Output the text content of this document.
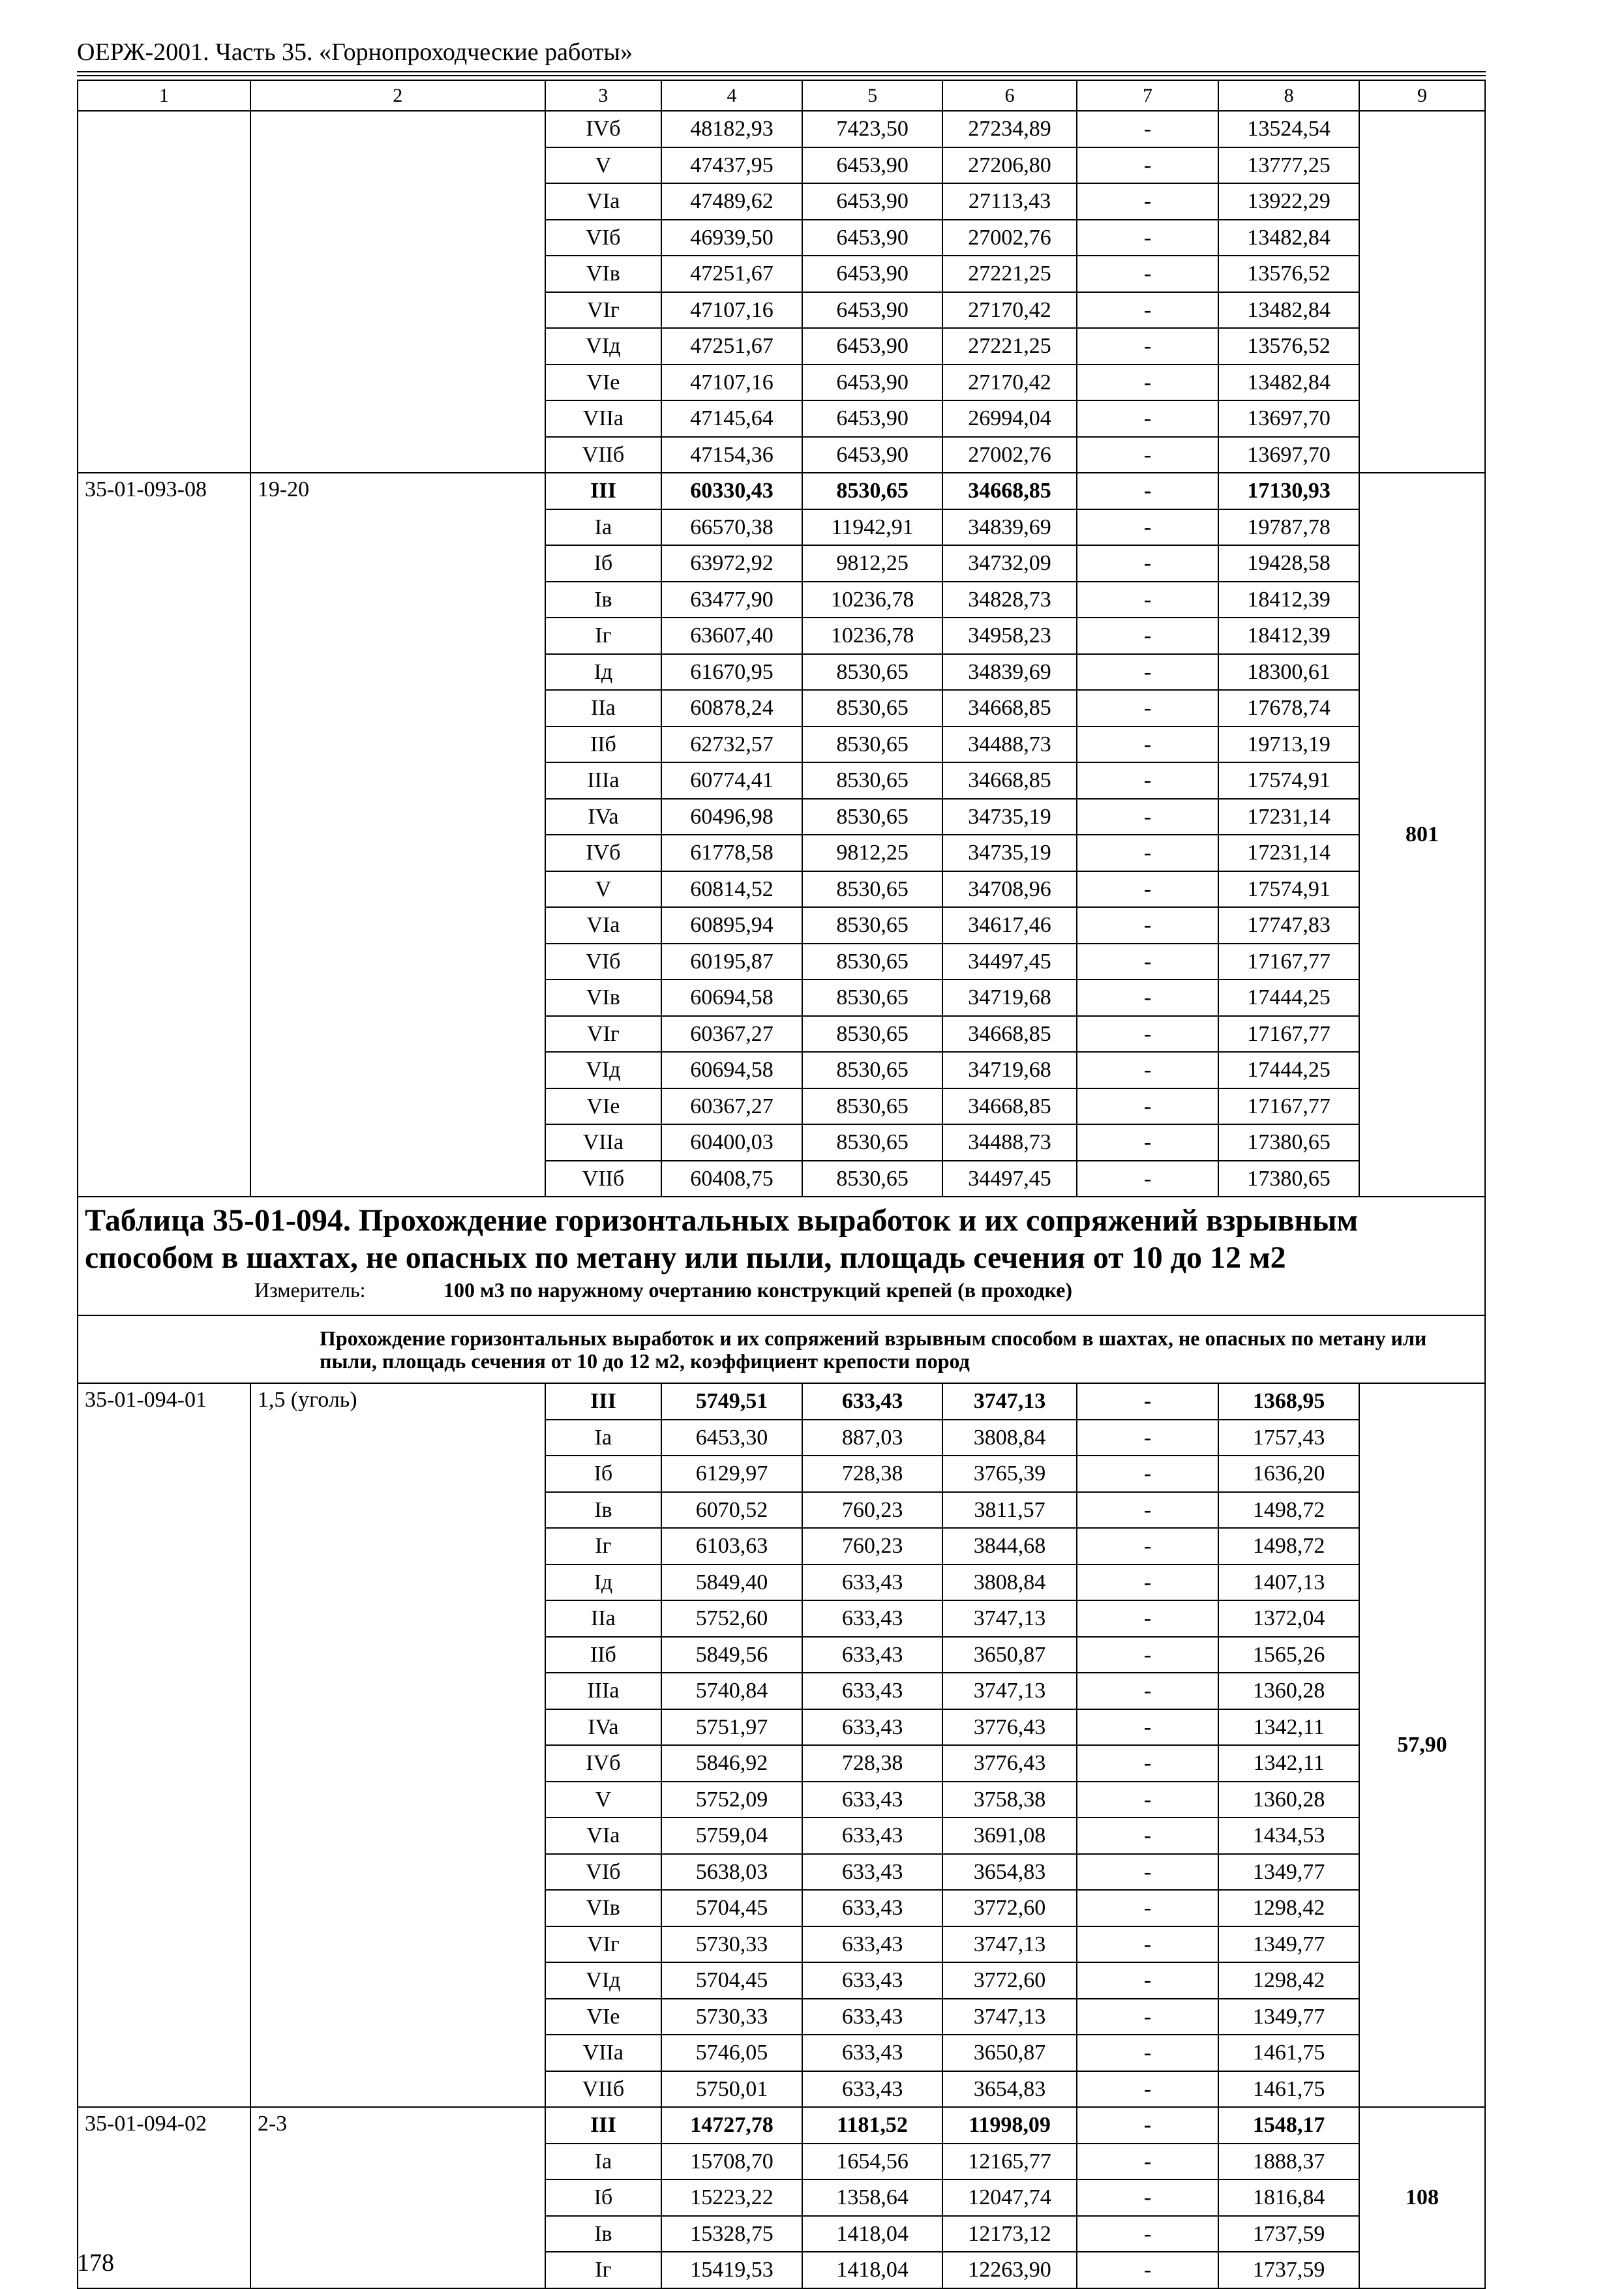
ОЕРЖ-2001. Часть 35. «Горнопроходческие работы»
1	2	3	4	5	6	7	8	9
		IVб	48182,93	7423,50	27234,89	-	13524,54	
		V	47437,95	6453,90	27206,80	-	13777,25	
		VIa	47489,62	6453,90	27113,43	-	13922,29	
		VIб	46939,50	6453,90	27002,76	-	13482,84	
		VIв	47251,67	6453,90	27221,25	-	13576,52	
		VIг	47107,16	6453,90	27170,42	-	13482,84	
		VIд	47251,67	6453,90	27221,25	-	13576,52	
		VIe	47107,16	6453,90	27170,42	-	13482,84	
		VIIa	47145,64	6453,90	26994,04	-	13697,70	
		VIIб	47154,36	6453,90	27002,76	-	13697,70	
35-01-093-08	19-20	III	60330,43	8530,65	34668,85	-	17130,93	801
		Ia	66570,38	11942,91	34839,69	-	19787,78	
		Iб	63972,92	9812,25	34732,09	-	19428,58	
		Iв	63477,90	10236,78	34828,73	-	18412,39	
		Iг	63607,40	10236,78	34958,23	-	18412,39	
		Iд	61670,95	8530,65	34839,69	-	18300,61	
		IIa	60878,24	8530,65	34668,85	-	17678,74	
		IIб	62732,57	8530,65	34488,73	-	19713,19	
		IIIa	60774,41	8530,65	34668,85	-	17574,91	
		IVa	60496,98	8530,65	34735,19	-	17231,14	
		IVб	61778,58	9812,25	34735,19	-	17231,14	
		V	60814,52	8530,65	34708,96	-	17574,91	
		VIa	60895,94	8530,65	34617,46	-	17747,83	
		VIб	60195,87	8530,65	34497,45	-	17167,77	
		VIв	60694,58	8530,65	34719,68	-	17444,25	
		VIг	60367,27	8530,65	34668,85	-	17167,77	
		VIд	60694,58	8530,65	34719,68	-	17444,25	
		VIe	60367,27	8530,65	34668,85	-	17167,77	
		VIIa	60400,03	8530,65	34488,73	-	17380,65	
		VIIб	60408,75	8530,65	34497,45	-	17380,65	

Таблица 35-01-094. Прохождение горизонтальных выработок и их сопряжений взрывным способом в шахтах, не опасных по метану или пыли, площадь сечения от 10 до 12 м2
Измеритель: 100 м3 по наружному очертанию конструкций крепей (в проходке)								

Прохождение горизонтальных выработок и их сопряжений взрывным способом в шахтах, не опасных по метану или пыли, площадь сечения от 10 до 12 м2, коэффициент крепости пород								
35-01-094-01	1,5 (уголь)	III	5749,51	633,43	3747,13	-	1368,95	57,90
		Ia	6453,30	887,03	3808,84	-	1757,43	
		Iб	6129,97	728,38	3765,39	-	1636,20	
		Iв	6070,52	760,23	3811,57	-	1498,72	
		Iг	6103,63	760,23	3844,68	-	1498,72	
		Iд	5849,40	633,43	3808,84	-	1407,13	
		IIa	5752,60	633,43	3747,13	-	1372,04	
		IIб	5849,56	633,43	3650,87	-	1565,26	
		IIIa	5740,84	633,43	3747,13	-	1360,28	
		IVa	5751,97	633,43	3776,43	-	1342,11	
		IVб	5846,92	728,38	3776,43	-	1342,11	
		V	5752,09	633,43	3758,38	-	1360,28	
		VIa	5759,04	633,43	3691,08	-	1434,53	
		VIб	5638,03	633,43	3654,83	-	1349,77	
		VIв	5704,45	633,43	3772,60	-	1298,42	
		VIг	5730,33	633,43	3747,13	-	1349,77	
		VIд	5704,45	633,43	3772,60	-	1298,42	
		VIe	5730,33	633,43	3747,13	-	1349,77	
		VIIa	5746,05	633,43	3650,87	-	1461,75	
		VIIб	5750,01	633,43	3654,83	-	1461,75	
35-01-094-02	2-3	III	14727,78	1181,52	11998,09	-	1548,17	108
		Ia	15708,70	1654,56	12165,77	-	1888,37	
		Iб	15223,22	1358,64	12047,74	-	1816,84	
		Iв	15328,75	1418,04	12173,12	-	1737,59	
		Iг	15419,53	1418,04	12263,90	-	1737,59	
178
